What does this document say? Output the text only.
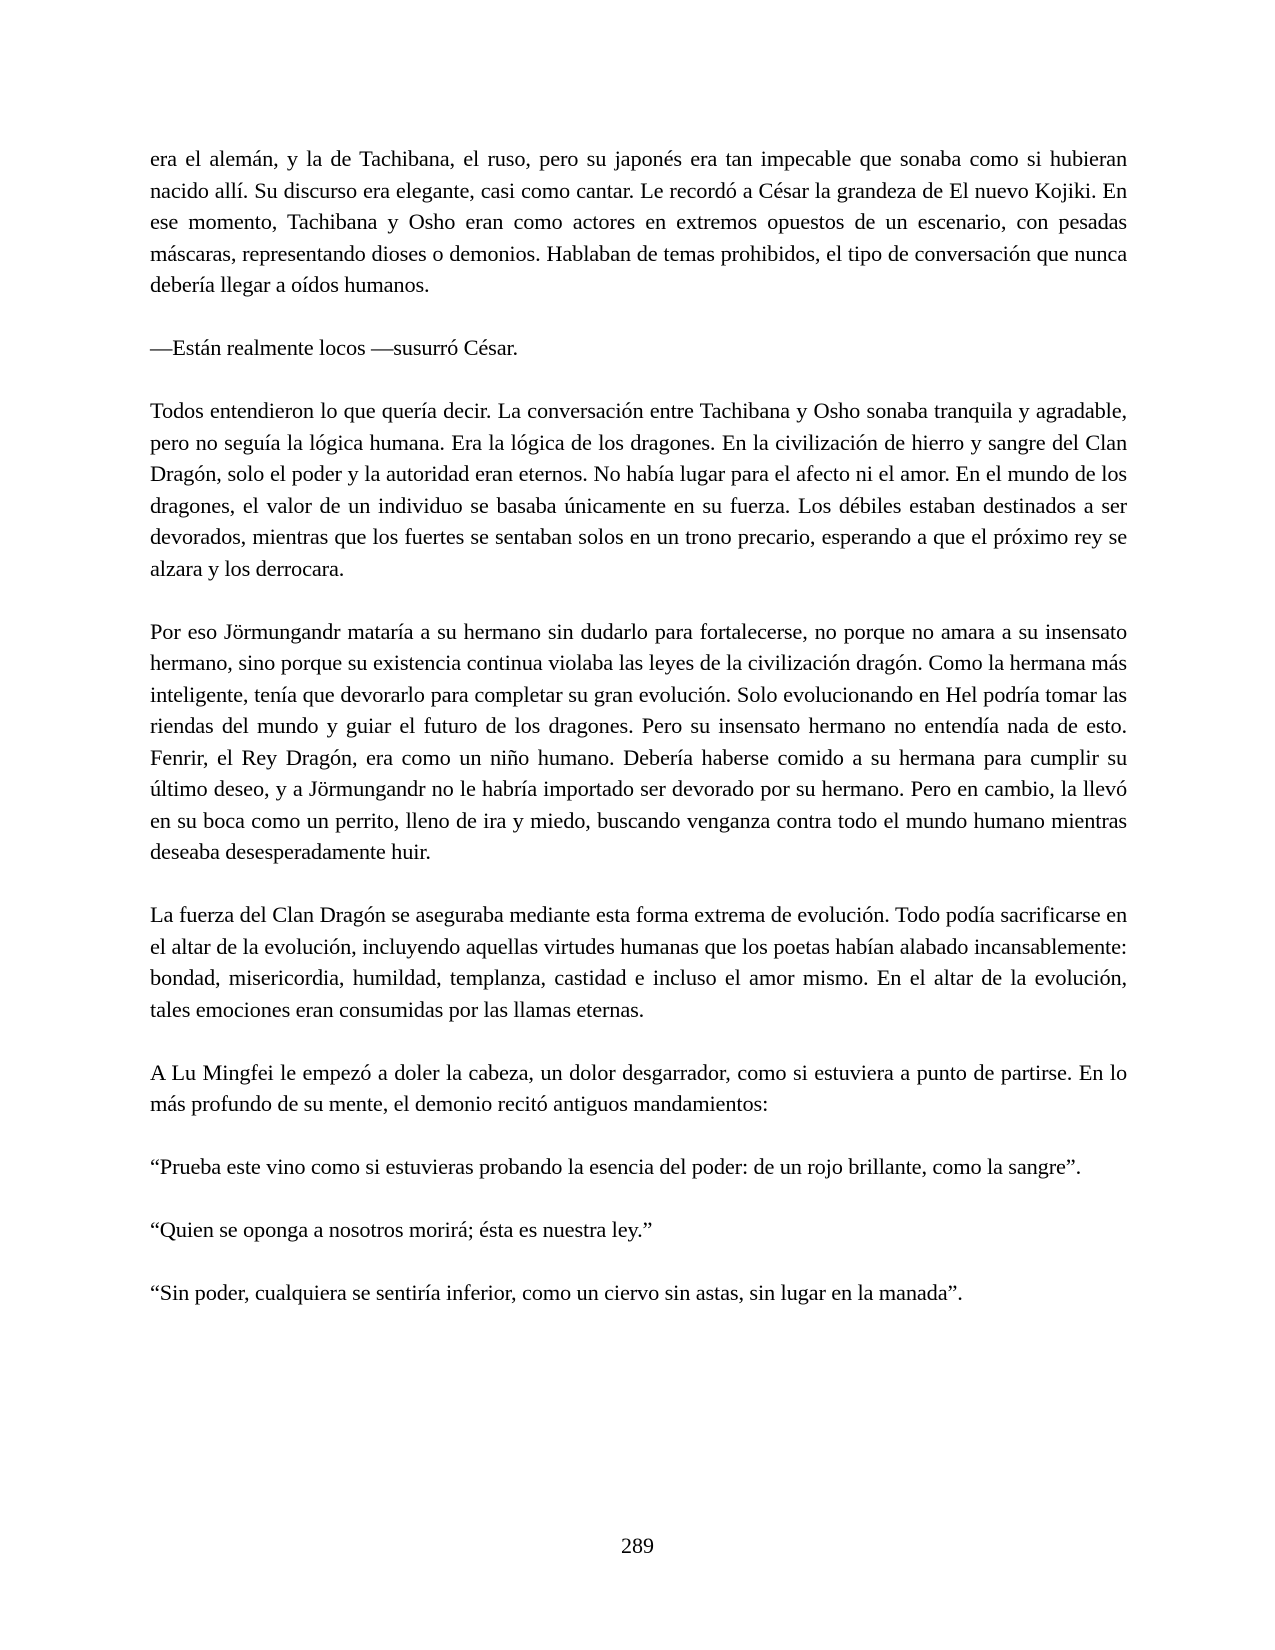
era el alemán, y la de Tachibana, el ruso, pero su japonés era tan impecable que sonaba como si hubieran nacido allí. Su discurso era elegante, casi como cantar. Le recordó a César la grandeza de El nuevo Kojiki. En ese momento, Tachibana y Osho eran como actores en extremos opuestos de un escenario, con pesadas máscaras, representando dioses o demonios. Hablaban de temas prohibidos, el tipo de conversación que nunca debería llegar a oídos humanos.

—Están realmente locos —susurró César.

Todos entendieron lo que quería decir. La conversación entre Tachibana y Osho sonaba tranquila y agradable, pero no seguía la lógica humana. Era la lógica de los dragones. En la civilización de hierro y sangre del Clan Dragón, solo el poder y la autoridad eran eternos. No había lugar para el afecto ni el amor. En el mundo de los dragones, el valor de un individuo se basaba únicamente en su fuerza. Los débiles estaban destinados a ser devorados, mientras que los fuertes se sentaban solos en un trono precario, esperando a que el próximo rey se alzara y los derrocara.

Por eso Jörmungandr mataría a su hermano sin dudarlo para fortalecerse, no porque no amara a su insensato hermano, sino porque su existencia continua violaba las leyes de la civilización dragón. Como la hermana más inteligente, tenía que devorarlo para completar su gran evolución. Solo evolucionando en Hel podría tomar las riendas del mundo y guiar el futuro de los dragones. Pero su insensato hermano no entendía nada de esto. Fenrir, el Rey Dragón, era como un niño humano. Debería haberse comido a su hermana para cumplir su último deseo, y a Jörmungandr no le habría importado ser devorado por su hermano. Pero en cambio, la llevó en su boca como un perrito, lleno de ira y miedo, buscando venganza contra todo el mundo humano mientras deseaba desesperadamente huir.

La fuerza del Clan Dragón se aseguraba mediante esta forma extrema de evolución. Todo podía sacrificarse en el altar de la evolución, incluyendo aquellas virtudes humanas que los poetas habían alabado incansablemente: bondad, misericordia, humildad, templanza, castidad e incluso el amor mismo. En el altar de la evolución, tales emociones eran consumidas por las llamas eternas.

A Lu Mingfei le empezó a doler la cabeza, un dolor desgarrador, como si estuviera a punto de partirse. En lo más profundo de su mente, el demonio recitó antiguos mandamientos:

“Prueba este vino como si estuvieras probando la esencia del poder: de un rojo brillante, como la sangre”.

“Quien se oponga a nosotros morirá; ésta es nuestra ley.”

“Sin poder, cualquiera se sentiría inferior, como un ciervo sin astas, sin lugar en la manada”.

289
